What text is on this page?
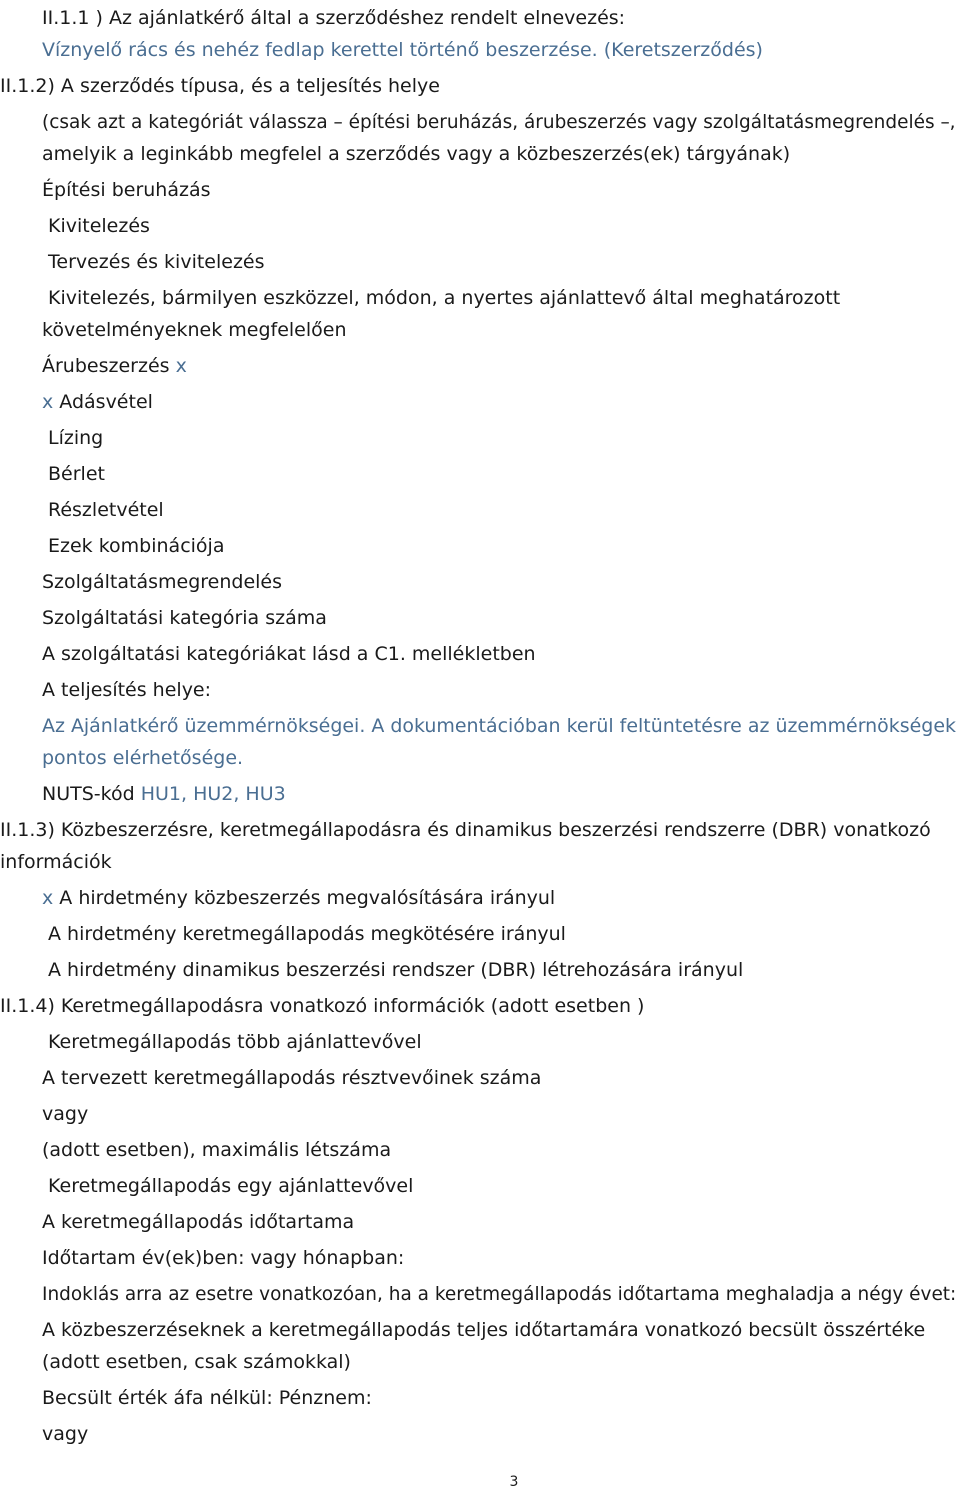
II.1.1 ) Az ajánlatkérő által a szerződéshez rendelt elnevezés:
Víznyelő rács és nehéz fedlap kerettel történő beszerzése. (Keretszerződés)
II.1.2) A szerződés típusa, és a teljesítés helye
(csak azt a kategóriát válassza – építési beruházás, árubeszerzés vagy szolgáltatásmegrendelés –,
amelyik a leginkább megfelel a szerződés vagy a közbeszerzés(ek) tárgyának)
Építési beruházás
Kivitelezés
Tervezés és kivitelezés
Kivitelezés, bármilyen eszközzel, módon, a nyertes ajánlattevő által meghatározott
követelményeknek megfelelően
Árubeszerzés x
x Adásvétel
Lízing
Bérlet
Részletvétel
Ezek kombinációja
Szolgáltatásmegrendelés
Szolgáltatási kategória száma
A szolgáltatási kategóriákat lásd a C1. mellékletben
A teljesítés helye:
Az Ajánlatkérő üzemmérnökségei. A dokumentációban kerül feltüntetésre az üzemmérnökségek
pontos elérhetősége.
NUTS-kód HU1, HU2, HU3
II.1.3) Közbeszerzésre, keretmegállapodásra és dinamikus beszerzési rendszerre (DBR) vonatkozó
információk
x A hirdetmény közbeszerzés megvalósítására irányul
A hirdetmény keretmegállapodás megkötésére irányul
A hirdetmény dinamikus beszerzési rendszer (DBR) létrehozására irányul
II.1.4) Keretmegállapodásra vonatkozó információk (adott esetben )
Keretmegállapodás több ajánlattevővel
A tervezett keretmegállapodás résztvevőinek száma
vagy
(adott esetben), maximális létszáma
Keretmegállapodás egy ajánlattevővel
A keretmegállapodás időtartama
Időtartam év(ek)ben: vagy hónapban:
Indoklás arra az esetre vonatkozóan, ha a keretmegállapodás időtartama meghaladja a négy évet:
A közbeszerzéseknek a keretmegállapodás teljes időtartamára vonatkozó becsült összértéke
(adott esetben, csak számokkal)
Becsült érték áfa nélkül: Pénznem:
vagy
3
